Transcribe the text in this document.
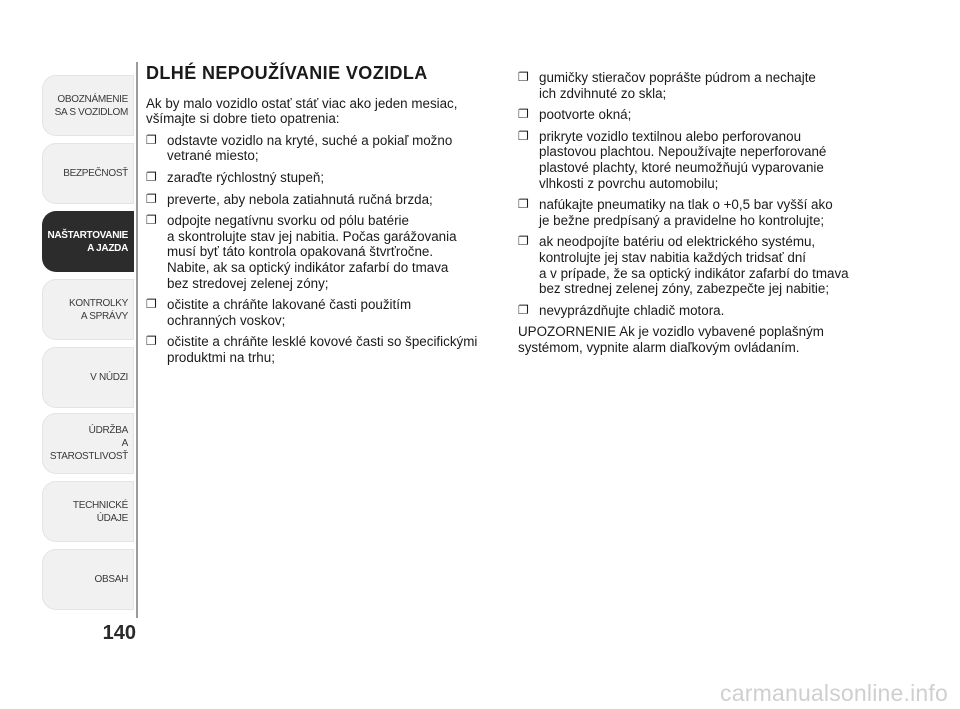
OBOZNÁMENIE
SA S VOZIDLOM
BEZPEČNOSŤ
NAŠTARTOVANIE
A JAZDA
KONTROLKY
A SPRÁVY
V NÚDZI
ÚDRŽBA
A STAROSTLIVOSŤ
TECHNICKÉ
ÚDAJE
OBSAH
140
DLHÉ NEPOUŽÍVANIE VOZIDLA

Ak by malo vozidlo ostať stáť viac ako jeden mesiac, všímajte si dobre tieto opatrenia:

❐ odstavte vozidlo na kryté, suché a pokiaľ možno
vetrané miesto;
❐ zaraďte rýchlostný stupeň;
❐ preverte, aby nebola zatiahnutá ručná brzda;
❐ odpojte negatívnu svorku od pólu batérie
a skontrolujte stav jej nabitia. Počas garážovania
musí byť táto kontrola opakovaná štvrťročne.
Nabite, ak sa optický indikátor zafarbí do tmava
bez stredovej zelenej zóny;
❐ očistite a chráňte lakované časti použitím
ochranných voskov;
❐ očistite a chráňte lesklé kovové časti so špecifickými
produktmi na trhu;
❐ gumičky stieračov poprášte púdrom a nechajte
ich zdvihnuté zo skla;
❐ pootvorte okná;
❐ prikryte vozidlo textilnou alebo perforovanou
plastovou plachtou. Nepoužívajte neperforované
plastové plachty, ktoré neumožňujú vyparovanie
vlhkosti z povrchu automobilu;
❐ nafúkajte pneumatiky na tlak o +0,5 bar vyšší ako
je bežne predpísaný a pravidelne ho kontrolujte;
❐ ak neodpojíte batériu od elektrického systému,
kontrolujte jej stav nabitia každých tridsať dní
a v prípade, že sa optický indikátor zafarbí do tmava
bez strednej zelenej zóny, zabezpečte jej nabitie;
❐ nevyprázdňujte chladič motora.

UPOZORNENIE Ak je vozidlo vybavené poplašným
systémom, vypnite alarm diaľkovým ovládaním.

carmanualsonline.info
